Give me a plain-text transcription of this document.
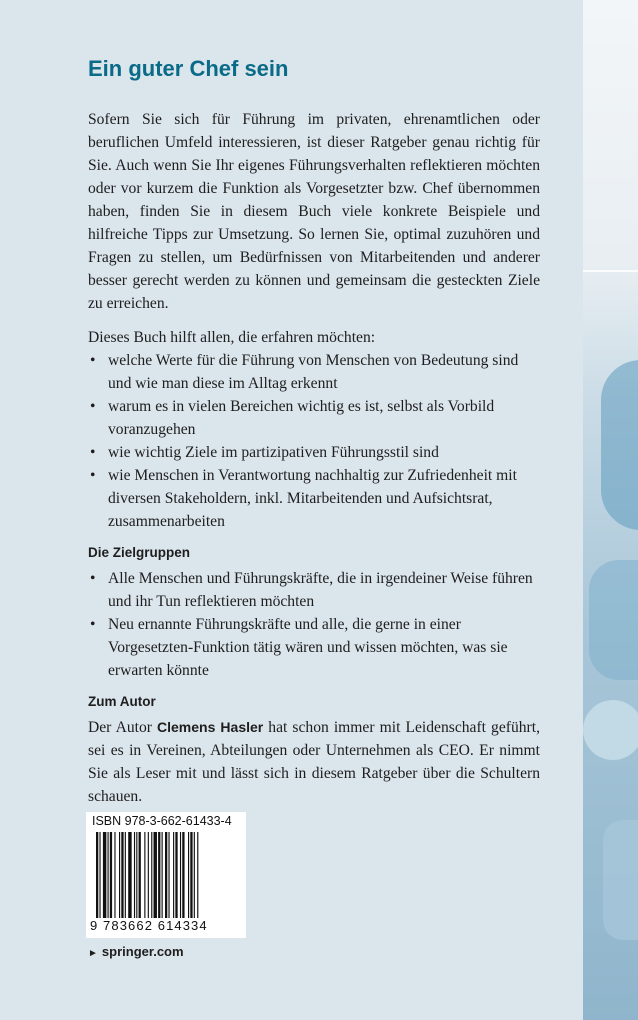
Ein guter Chef sein

Sofern Sie sich für Führung im privaten, ehrenamtlichen oder beruflichen Umfeld interessieren, ist dieser Ratgeber genau richtig für Sie. Auch wenn Sie Ihr eigenes Führungsverhalten reflektieren möchten oder vor kurzem die Funktion als Vorgesetzter bzw. Chef übernommen haben, finden Sie in diesem Buch viele konkrete Beispiele und hilfreiche Tipps zur Umsetzung. So lernen Sie, optimal zuzuhören und Fragen zu stellen, um Bedürfnissen von Mitarbeitenden und anderer besser gerecht werden zu können und gemeinsam die gesteckten Ziele zu erreichen.

Dieses Buch hilft allen, die erfahren möchten:

• welche Werte für die Führung von Menschen von Bedeutung sind und wie man diese im Alltag erkennt
• warum es in vielen Bereichen wichtig es ist, selbst als Vorbild voranzugehen
• wie wichtig Ziele im partizipativen Führungsstil sind
• wie Menschen in Verantwortung nachhaltig zur Zufriedenheit mit diversen Stakeholdern, inkl. Mitarbeitenden und Aufsichtsrat, zusammenarbeiten
Die Zielgruppen
• Alle Menschen und Führungskräfte, die in irgendeiner Weise führen und ihr Tun reflektieren möchten
• Neu ernannte Führungskräfte und alle, die gerne in einer Vorgesetzten-Funktion tätig wären und wissen möchten, was sie erwarten könnte
Zum Autor

Der Autor Clemens Hasler hat schon immer mit Leidenschaft geführt, sei es in Vereinen, Abteilungen oder Unternehmen als CEO. Er nimmt Sie als Leser mit und lässt sich in diesem Ratgeber über die Schultern schauen.

ISBN 978-3-662-61433-4
9 783662 614334
► springer.com
